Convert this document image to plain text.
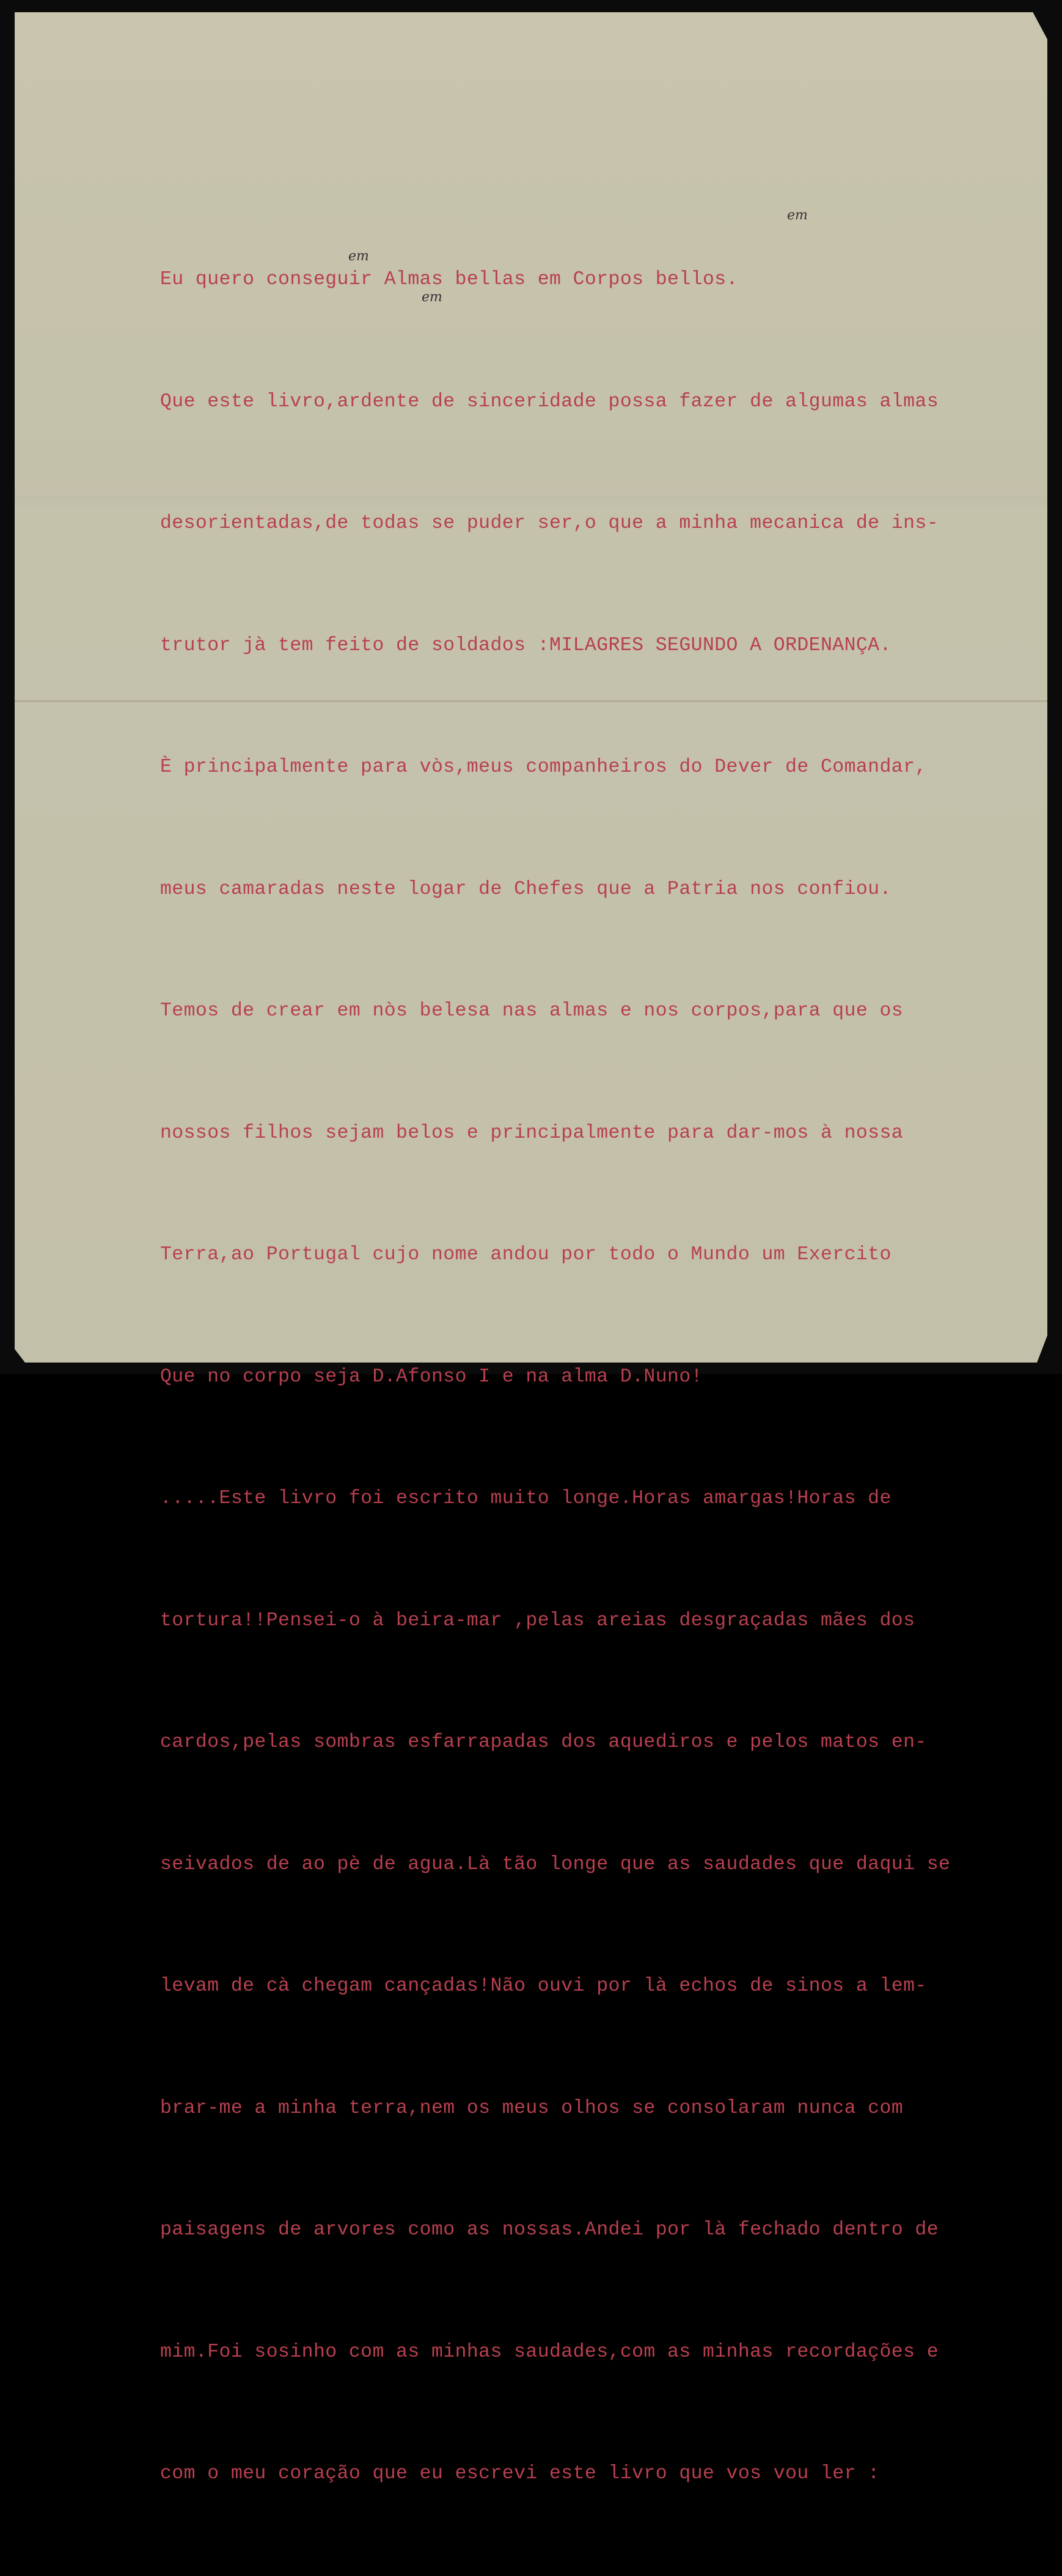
Eu quero conseguir Almas bellas em Corpos bellos.

Que este livro,ardente de sinceridade possa fazer de algumas almas

desorientadas,de todas se puder ser,o que a minha mecanica de ins-

trutor jà tem feito de soldados :MILAGRES SEGUNDO A ORDENANÇA.

È principalmente para vòs,meus companheiros do Dever de Comandar,

meus camaradas neste logar de Chefes que a Patria nos confiou.

Temos de crear em nòs belesa nas almas e nos corpos,para que os

nossos filhos sejam belos e principalmente para dar-mos à nossa

Terra,ao Portugal cujo nome andou por todo o Mundo um Exercito

Que no corpo seja D.Afonso I e na alma D.Nuno!

.....Este livro foi escrito muito longe.Horas amargas!Horas de

tortura!!Pensei-o à beira-mar ,pelas areias desgraçadas mães dos

cardos,pelas sombras esfarrapadas dos aquediros e pelos matos en-

seivados de ao pè de agua.Là tão longe que as saudades que daqui se

levam de cà chegam cançadas!Não ouvi por là echos de sinos a lem-

brar-me a minha terra,nem os meus olhos se consolaram nunca com

paisagens de arvores como as nossas.Andei por là fechado dentro de

mim.Foi sosinho com as minhas saudades,com as minhas recordações e

com o meu coração que eu escrevi este livro que vos vou ler :

em
em
em
